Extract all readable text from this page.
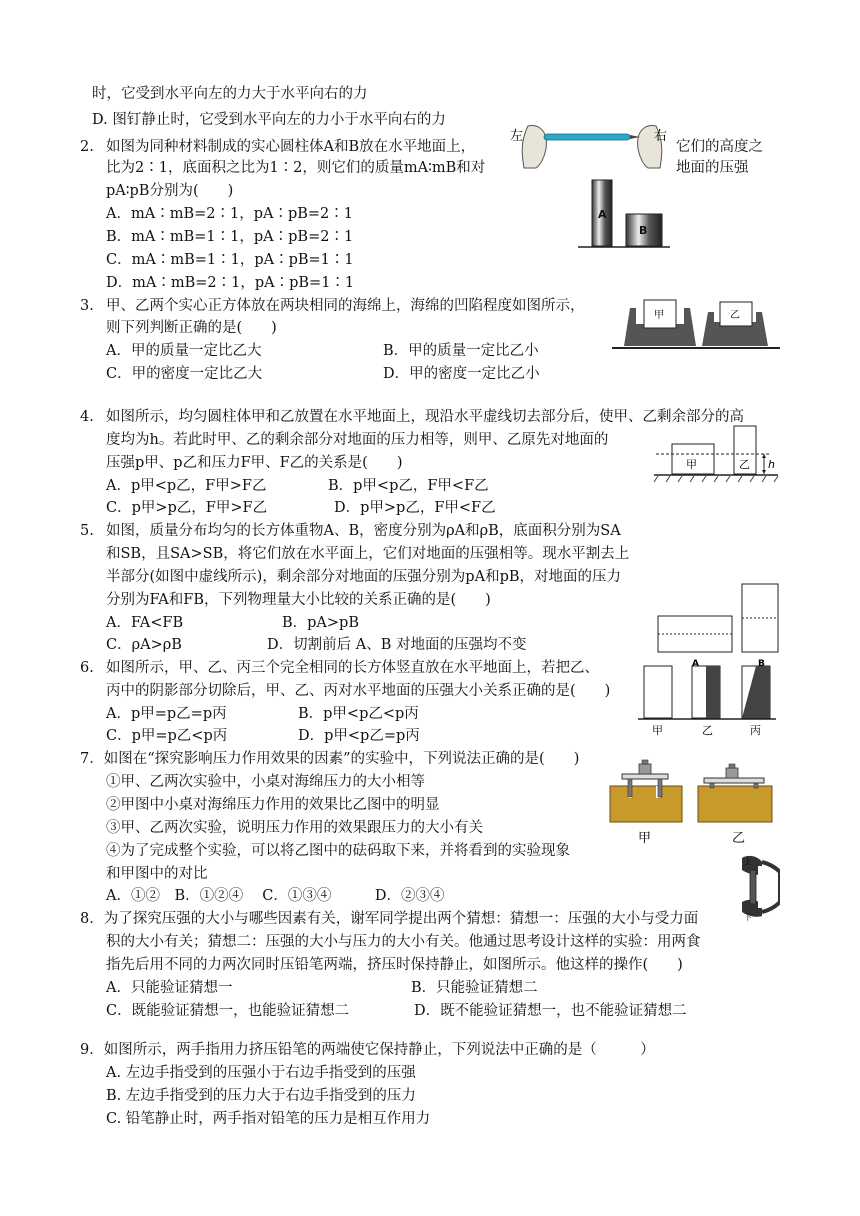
时，它受到水平向左的力大于水平向右的力
D. 图钉静止时，它受到水平向左的力小于水平向右的力
2. 如图为同种材料制成的实心圆柱体A和B放在水平地面上，	它们的高度之
比为2∶1，底面积之比为1∶2，则它们的质量mA∶mB和对	地面的压强
pA∶pB分别为(　　)
A．mA∶mB=2∶1，pA∶pB=2∶1
B．mA∶mB=1∶1，pA∶pB=2∶1
C．mA∶mB=1∶1，pA∶pB=1∶1
D．mA∶mB=2∶1，pA∶pB=1∶1
3. 甲、乙两个实心正方体放在两块相同的海绵上，海绵的凹陷程度如图所示，
则下列判断正确的是(　　)
A．甲的质量一定比乙大	B．甲的质量一定比乙小
C．甲的密度一定比乙大	D．甲的密度一定比乙小
4. 如图所示，均匀圆柱体甲和乙放置在水平地面上，现沿水平虚线切去部分后，使甲、乙剩余部分的高
度均为h。若此时甲、乙的剩余部分对地面的压力相等，则甲、乙原先对地面的
压强p甲、p乙和压力F甲、F乙的关系是(　　)
A．p甲<p乙，F甲>F乙	B．p甲<p乙，F甲<F乙
C．p甲>p乙，F甲>F乙	D．p甲>p乙，F甲<F乙
5. 如图，质量分布均匀的长方体重物A、B，密度分别为ρA和ρB，底面积分别为SA
和SB，且SA>SB，将它们放在水平面上，它们对地面的压强相等。现水平割去上
半部分(如图中虚线所示)，剩余部分对地面的压强分别为pA和pB，对地面的压力
分别为FA和FB，下列物理量大小比较的关系正确的是(　　)
A．FA<FB	B．pA>pB
C．ρA>ρB	D．切割前后 A、B 对地面的压强均不变
6. 如图所示，甲、乙、丙三个完全相同的长方体竖直放在水平地面上，若把乙、
丙中的阴影部分切除后，甲、乙、丙对水平地面的压强大小关系正确的是(　　)
A．p甲=p乙=p丙	B．p甲<p乙<p丙
C．p甲=p乙<p丙	D．p甲<p乙=p丙
7．如图在“探究影响压力作用效果的因素”的实验中，下列说法正确的是(　　)
①甲、乙两次实验中，小桌对海绵压力的大小相等
②甲图中小桌对海绵压力作用的效果比乙图中的明显
③甲、乙两次实验，说明压力作用的效果跟压力的大小有关
④为了完成整个实验，可以将乙图中的砝码取下来，并将看到的实验现象
和甲图中的对比
A．①②　B．①②④　 C．①③④　　　D．②③④
8．为了探究压强的大小与哪些因素有关，谢军同学提出两个猜想：猜想一：压强的大小与受力面
积的大小有关；猜想二：压强的大小与压力的大小有关。他通过思考设计这样的实验：用两食
指先后用不同的力两次同时压铅笔两端，挤压时保持静止，如图所示。他这样的操作(　　)
A．只能验证猜想一	B．只能验证猜想二
C．既能验证猜想一，也能验证猜想二	D．既不能验证猜想一，也不能验证猜想二
9．如图所示，两手指用力挤压铅笔的两端使它保持静止，下列说法中正确的是（　　　）
A. 左边手指受到的压强小于右边手指受到的压强
B. 左边手指受到的压力大于右边手指受到的压力
C. 铅笔静止时，两手指对铅笔的压力是相互作用力
左	右
A
B
甲	乙
甲	乙 h
A	B
甲	乙	丙
甲	乙
上
下
